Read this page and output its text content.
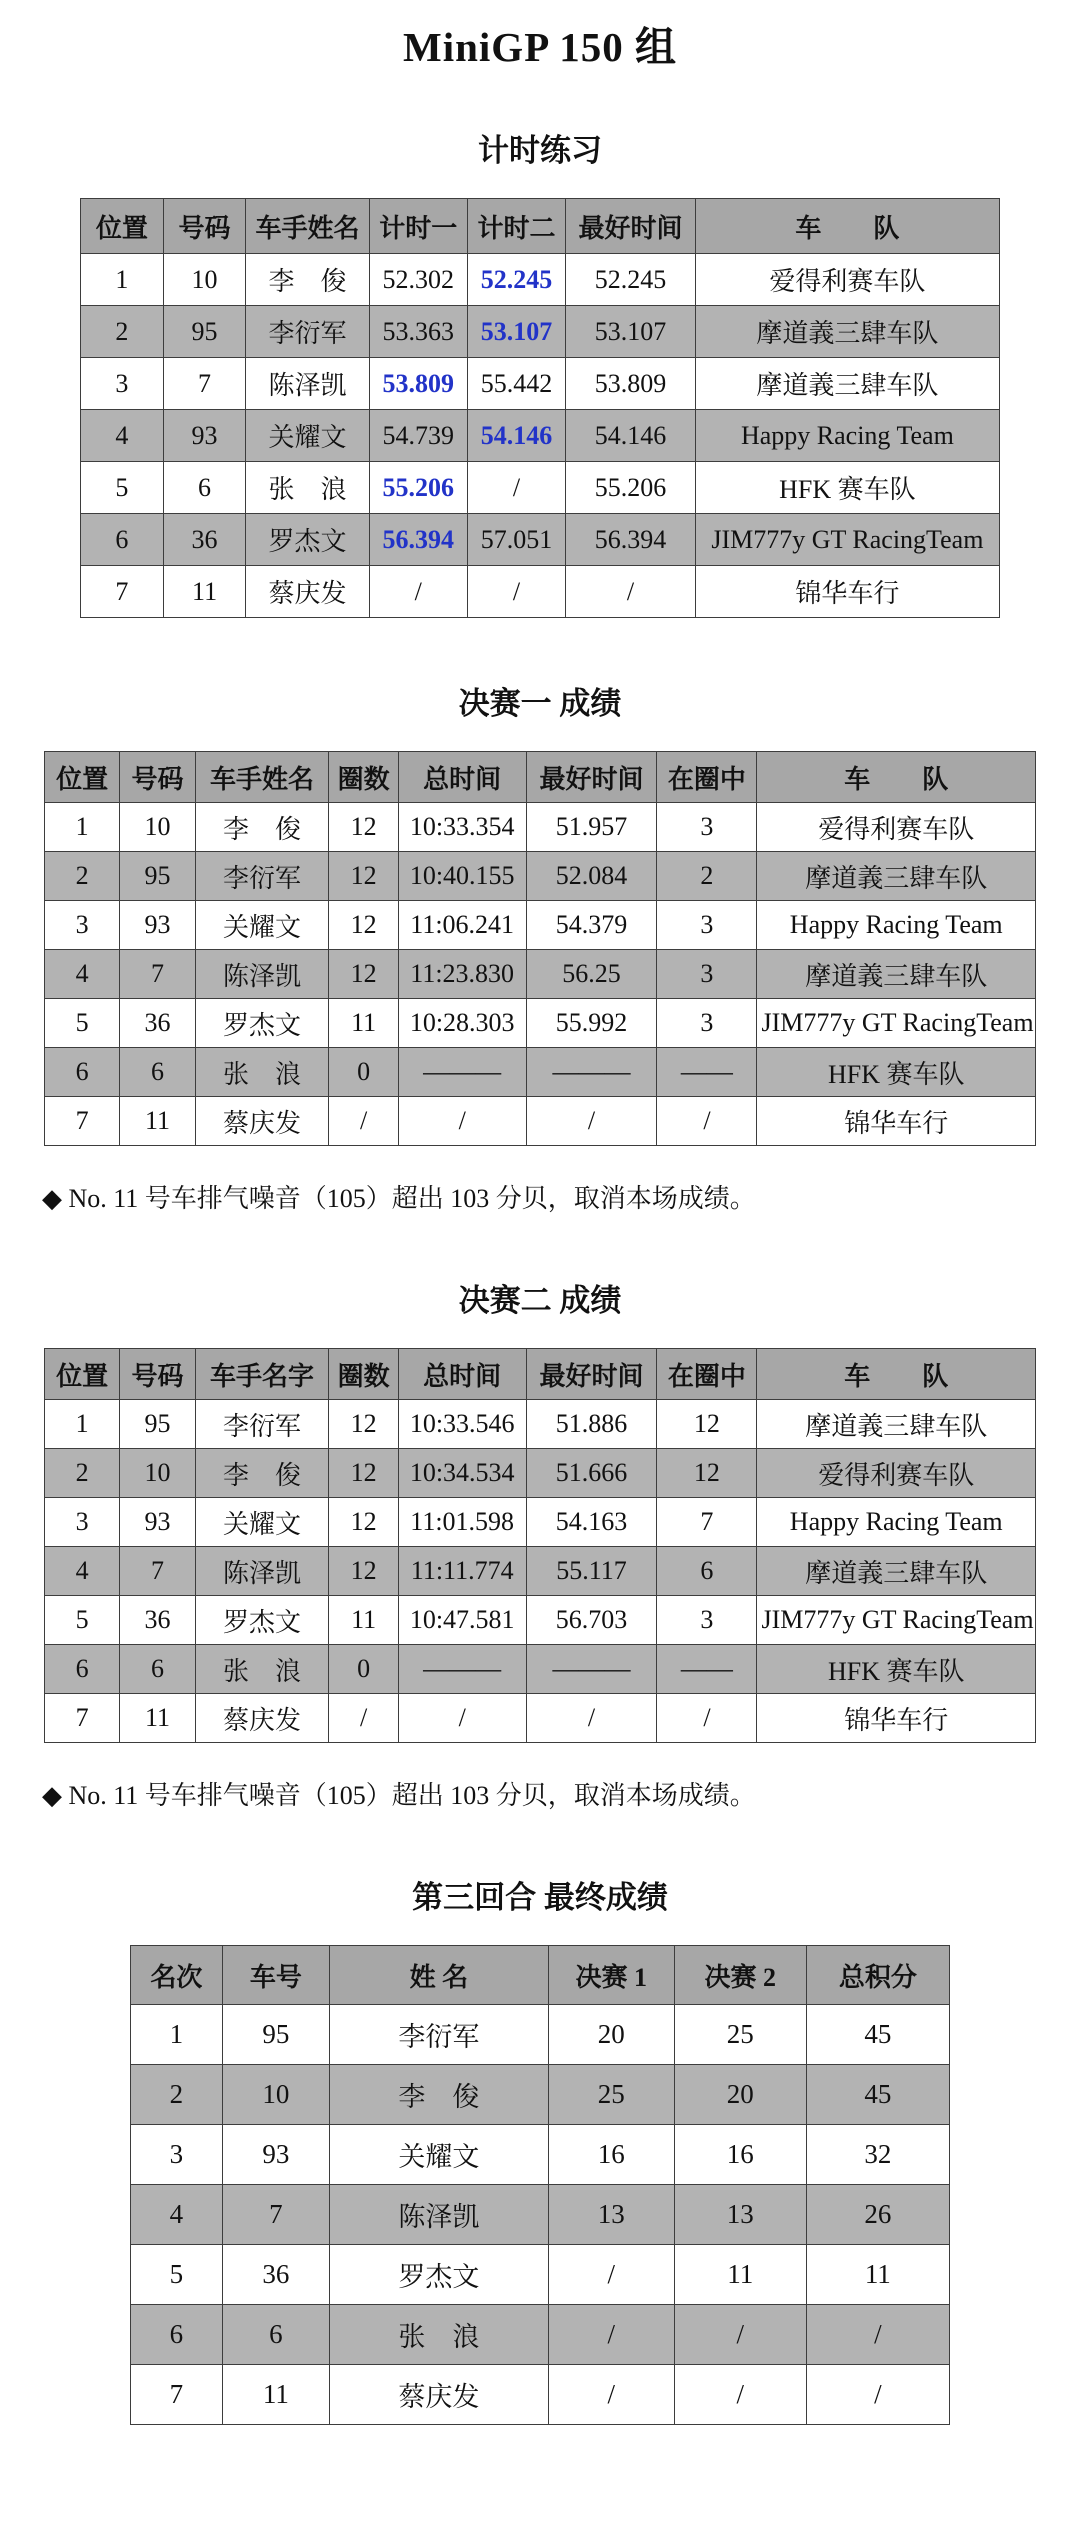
MiniGP 150 组
计时练习
位置	号码	车手姓名	计时一	计时二	最好时间	车　　队
1	10	李　俊	52.302	52.245	52.245	爱得利赛车队
2	95	李衍军	53.363	53.107	53.107	摩道義三肆车队
3	7	陈泽凯	53.809	55.442	53.809	摩道義三肆车队
4	93	关耀文	54.739	54.146	54.146	Happy Racing Team
5	6	张　浪	55.206	/	55.206	HFK 赛车队
6	36	罗杰文	56.394	57.051	56.394	JIM777y GT RacingTeam
7	11	蔡庆发	/	/	/	锦华车行
决赛一 成绩
位置	号码	车手姓名	圈数	总时间	最好时间	在圈中	车　　队
1	10	李　俊	12	10:33.354	51.957	3	爱得利赛车队
2	95	李衍军	12	10:40.155	52.084	2	摩道義三肆车队
3	93	关耀文	12	11:06.241	54.379	3	Happy Racing Team
4	7	陈泽凯	12	11:23.830	56.25	3	摩道義三肆车队
5	36	罗杰文	11	10:28.303	55.992	3	JIM777y GT RacingTeam
6	6	张　浪	0	———	———	——	HFK 赛车队
7	11	蔡庆发	/	/	/	/	锦华车行
◆ No. 11 号车排气噪音（105）超出 103 分贝，取消本场成绩。
决赛二 成绩
位置	号码	车手名字	圈数	总时间	最好时间	在圈中	车　　队
1	95	李衍军	12	10:33.546	51.886	12	摩道義三肆车队
2	10	李　俊	12	10:34.534	51.666	12	爱得利赛车队
3	93	关耀文	12	11:01.598	54.163	7	Happy Racing Team
4	7	陈泽凯	12	11:11.774	55.117	6	摩道義三肆车队
5	36	罗杰文	11	10:47.581	56.703	3	JIM777y GT RacingTeam
6	6	张　浪	0	———	———	——	HFK 赛车队
7	11	蔡庆发	/	/	/	/	锦华车行
◆ No. 11 号车排气噪音（105）超出 103 分贝，取消本场成绩。
第三回合 最终成绩
名次	车号	姓 名	决赛 1	决赛 2	总积分
1	95	李衍军	20	25	45
2	10	李　俊	25	20	45
3	93	关耀文	16	16	32
4	7	陈泽凯	13	13	26
5	36	罗杰文	/	11	11
6	6	张　浪	/	/	/
7	11	蔡庆发	/	/	/
